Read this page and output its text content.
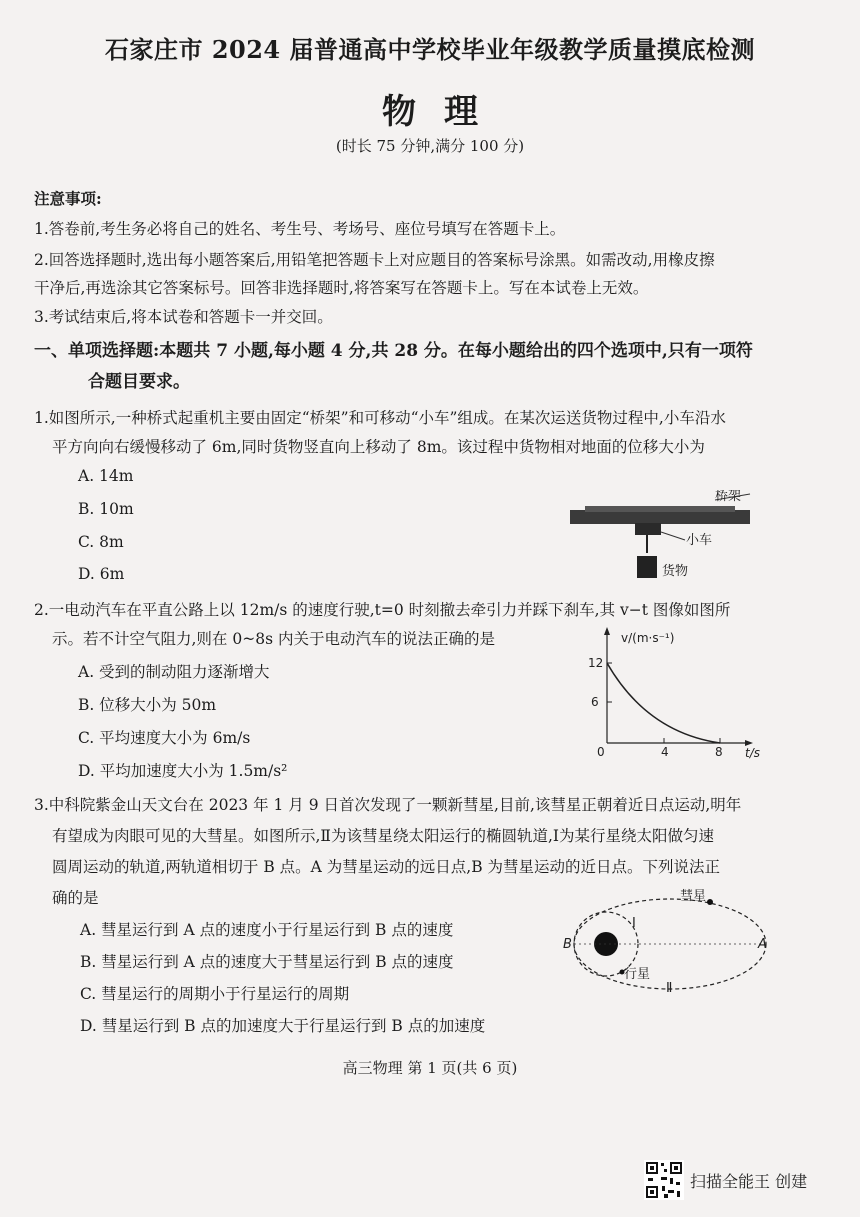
石家庄市 2024 届普通高中学校毕业年级教学质量摸底检测
物理
(时长 75 分钟,满分 100 分)
注意事项:
1.答卷前,考生务必将自己的姓名、考生号、考场号、座位号填写在答题卡上。
2.回答选择题时,选出每小题答案后,用铅笔把答题卡上对应题目的答案标号涂黑。如需改动,用橡皮擦
干净后,再选涂其它答案标号。回答非选择题时,将答案写在答题卡上。写在本试卷上无效。
3.考试结束后,将本试卷和答题卡一并交回。
一、单项选择题:本题共 7 小题,每小题 4 分,共 28 分。在每小题给出的四个选项中,只有一项符
合题目要求。
1.如图所示,一种桥式起重机主要由固定“桥架”和可移动“小车”组成。在某次运送货物过程中,小车沿水
平方向向右缓慢移动了 6m,同时货物竖直向上移动了 8m。该过程中货物相对地面的位移大小为
A. 14m
B. 10m
C. 8m
D. 6m
桥架
小车
货物
2.一电动汽车在平直公路上以 12m/s 的速度行驶,t=0 时刻撤去牵引力并踩下刹车,其 v−t 图像如图所
示。若不计空气阻力,则在 0~8s 内关于电动汽车的说法正确的是
A. 受到的制动阻力逐渐增大
B. 位移大小为 50m
C. 平均速度大小为 6m/s
D. 平均加速度大小为 1.5m/s²
v/(m·s⁻¹)
t/s
0	4	8
12
6
3.中科院紫金山天文台在 2023 年 1 月 9 日首次发现了一颗新彗星,目前,该彗星正朝着近日点运动,明年
有望成为肉眼可见的大彗星。如图所示,Ⅱ为该彗星绕太阳运行的椭圆轨道,Ⅰ为某行星绕太阳做匀速
圆周运动的轨道,两轨道相切于 B 点。A 为彗星运动的远日点,B 为彗星运动的近日点。下列说法正
确的是
A. 彗星运行到 A 点的速度小于行星运行到 B 点的速度
B. 彗星运行到 A 点的速度大于彗星运行到 B 点的速度
C. 彗星运行的周期小于行星运行的周期
D. 彗星运行到 B 点的加速度大于行星运行到 B 点的加速度
彗星
Ⅰ
Ⅱ
A
B
行星
高三物理 第 1 页(共 6 页)
扫描全能王 创建
